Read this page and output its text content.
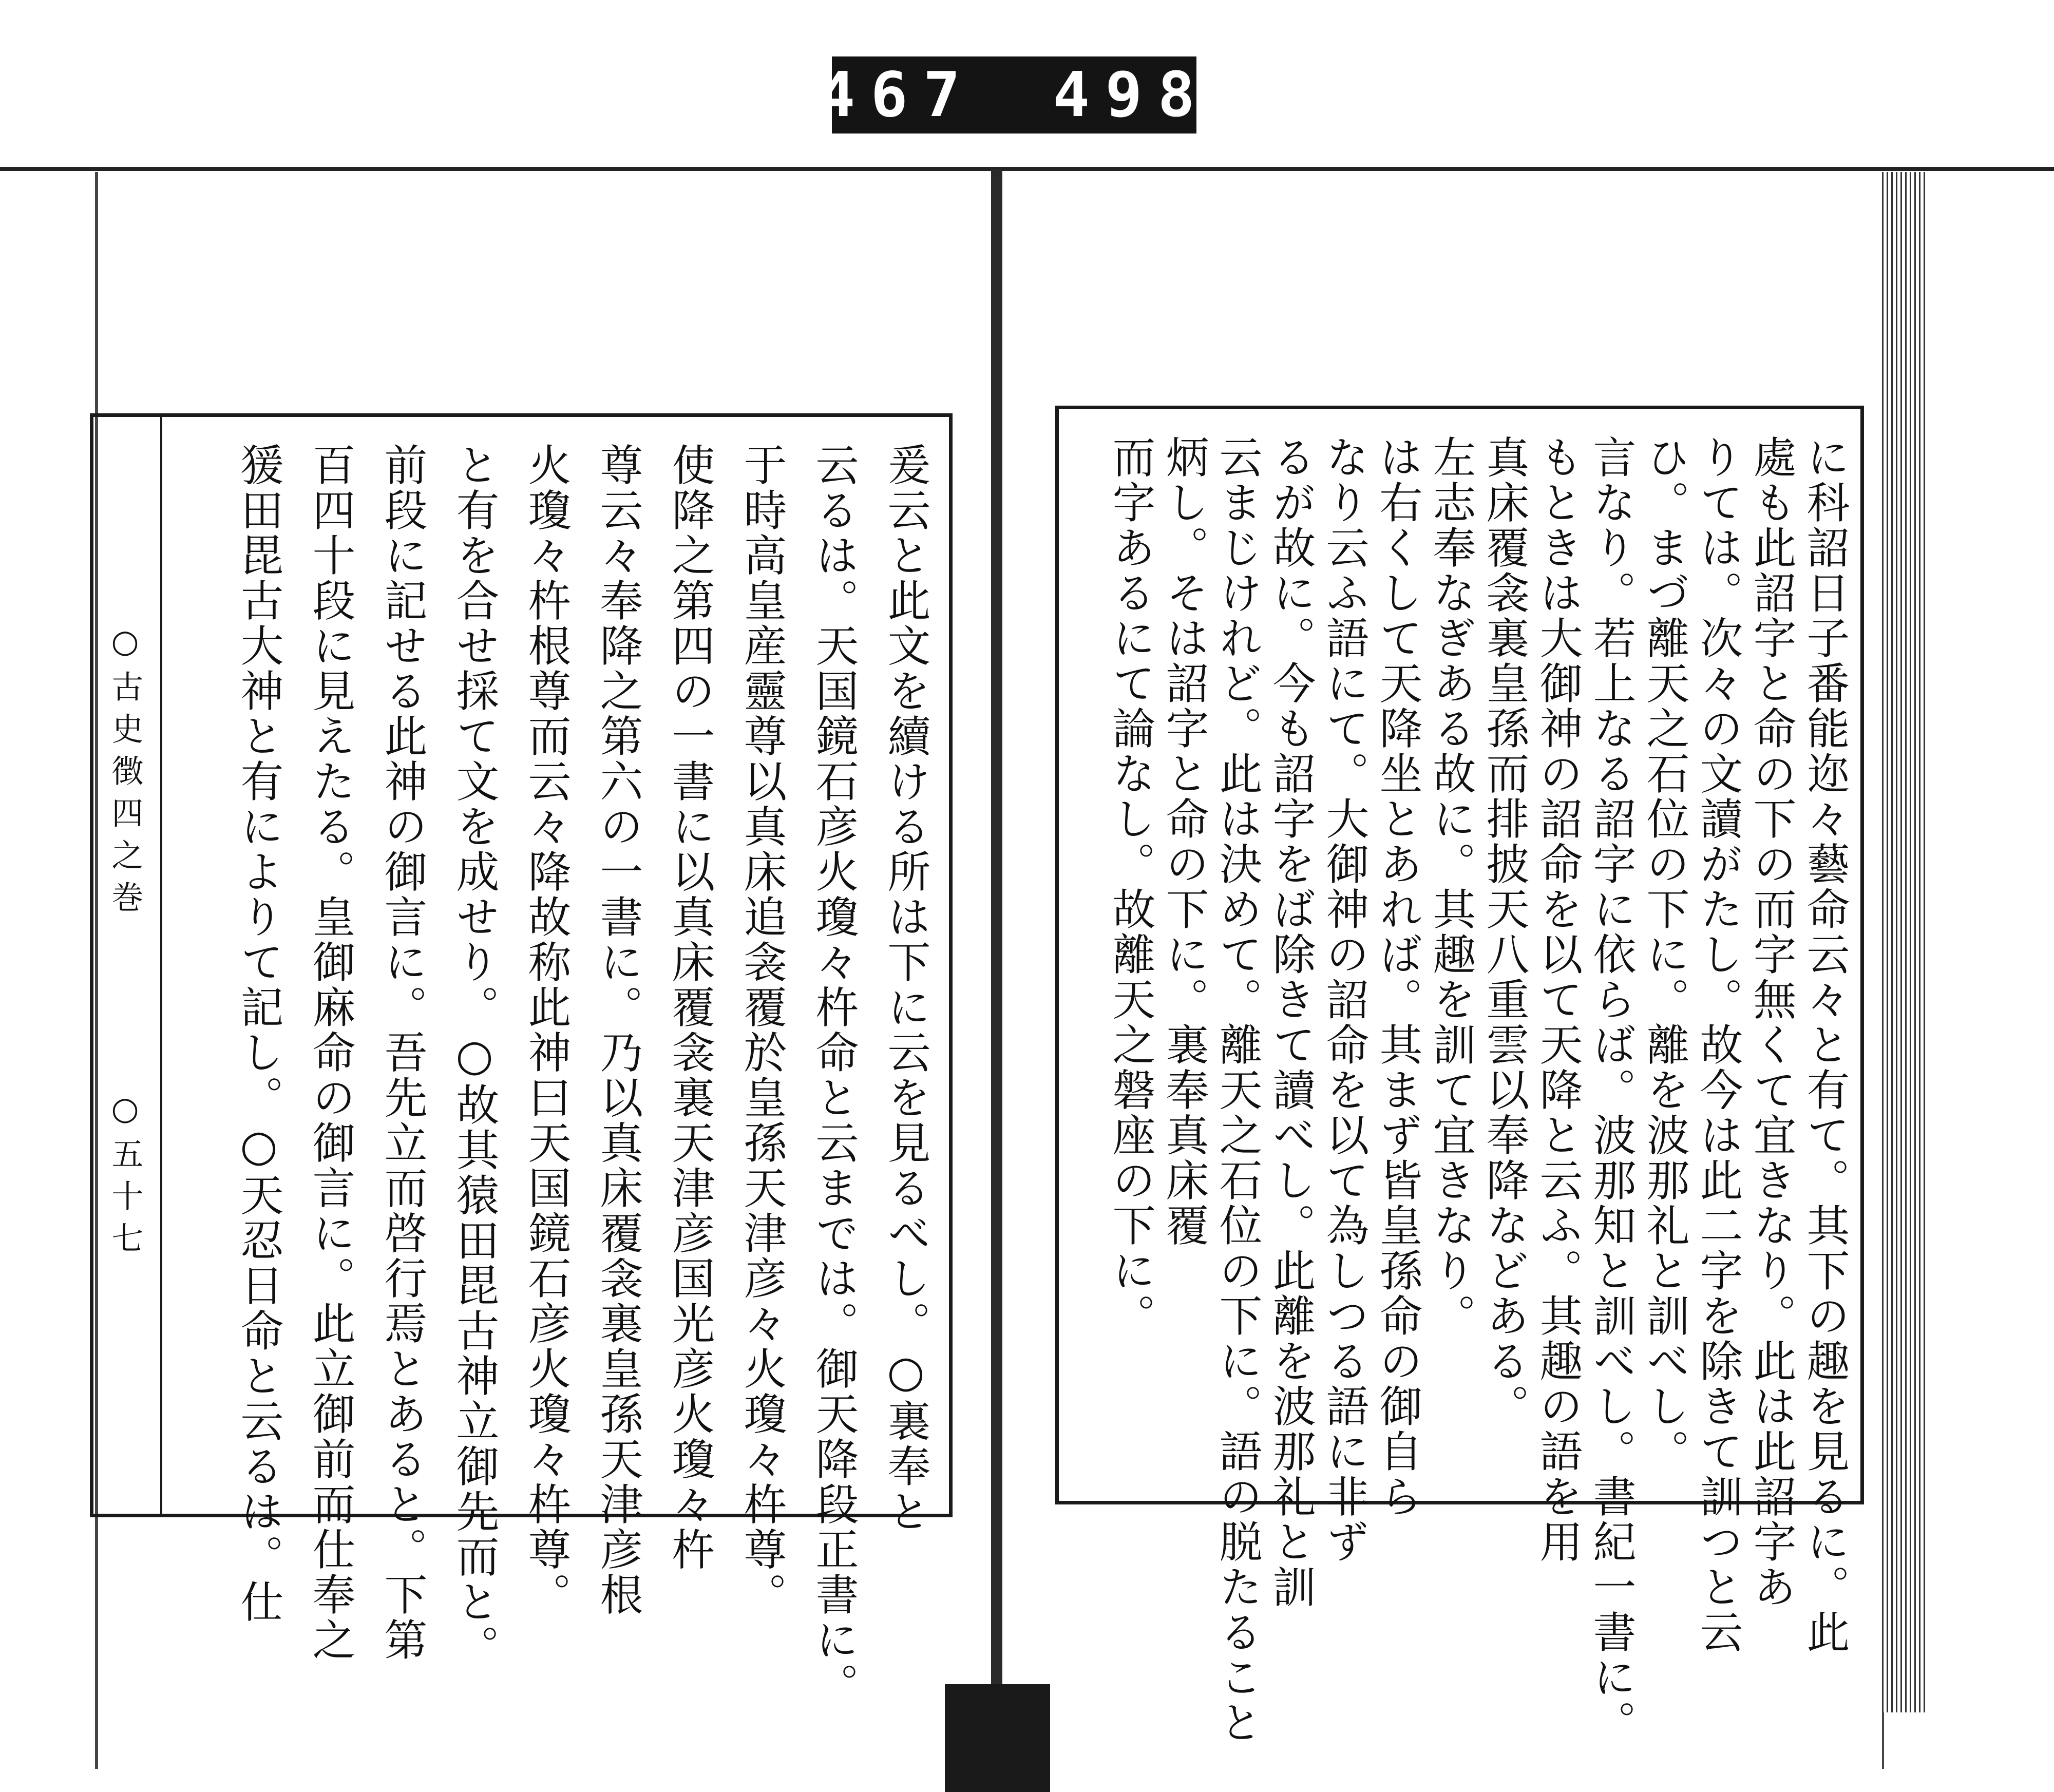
467 498
○古史徴四之巻
○五十七	爰云と此文を續ける所は下に云を見るべし。○裏奉と
云るは。天国鏡石彦火瓊々杵命と云までは。御天降段正書に。
于時高皇産靈尊以真床追衾覆於皇孫天津彦々火瓊々杵尊。
使降之第四の一書に以真床覆衾裏天津彦国光彦火瓊々杵
尊云々奉降之第六の一書に。乃以真床覆衾裏皇孫天津彦根
火瓊々杵根尊而云々降故称此神曰天国鏡石彦火瓊々杵尊。
と有を合せ採て文を成せり。○故其猿田毘古神立御先而と。
前段に記せる此神の御言に。吾先立而啓行焉とあると。下第
百四十段に見えたる。皇御麻命の御言に。此立御前而仕奉之
猨田毘古大神と有によりて記し。○天忍日命と云るは。仕	に科詔日子番能迩々藝命云々と有て。其下の趣を見るに。此
處も此詔字と命の下の而字無くて宜きなり。此は此詔字あ
りては。次々の文讀がたし。故今は此二字を除きて訓つと云
ひ。まづ離天之石位の下に。離を波那礼と訓べし。
言なり。若上なる詔字に依らば。波那知と訓べし。書紀一書に。
もときは大御神の詔命を以て天降と云ふ。其趣の語を用
真床覆衾裏皇孫而排披天八重雲以奉降などある。
左志奉なぎある故に。其趣を訓て宜きなり。
は右くして天降坐とあれば。其まず皆皇孫命の御自ら
なり云ふ語にて。大御神の詔命を以て為しつる語に非ず
るが故に。今も詔字をば除きて讀べし。此離を波那礼と訓
云まじけれど。此は決めて。離天之石位の下に。語の脱たること
炳し。そは詔字と命の下に。裏奉真床覆
而字あるにて論なし。故離天之磐座の下に。
